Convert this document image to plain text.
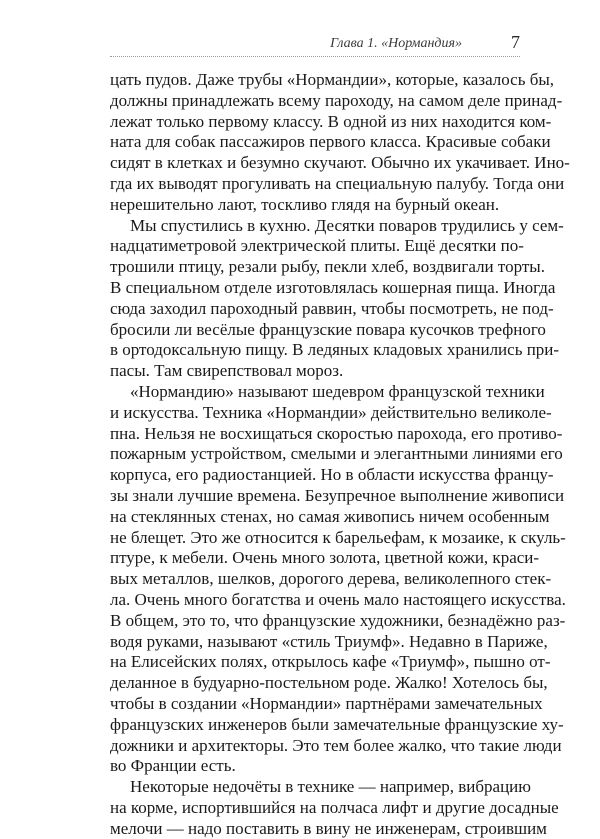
Глава 1. «Нормандия»	7
цать пудов. Даже трубы «Нормандии», которые, казалось бы,
должны принадлежать всему пароходу, на самом деле принад-
лежат только первому классу. В одной из них находится ком-
ната для собак пассажиров первого класса. Красивые собаки
сидят в клетках и безумно скучают. Обычно их укачивает. Ино-
гда их выводят прогуливать на специальную палубу. Тогда они
нерешительно лают, тоскливо глядя на бурный океан.
Мы спустились в кухню. Десятки поваров трудились у сем-
надцатиметровой электрической плиты. Ещё десятки по-
трошили птицу, резали рыбу, пекли хлеб, воздвигали торты.
В специальном отделе изготовлялась кошерная пища. Иногда
сюда заходил пароходный раввин, чтобы посмотреть, не под-
бросили ли весёлые французские повара кусочков трефного
в ортодоксальную пищу. В ледяных кладовых хранились при-
пасы. Там свирепствовал мороз.
«Нормандию» называют шедевром французской техники
и искусства. Техника «Нормандии» действительно великоле-
пна. Нельзя не восхищаться скоростью парохода, его противо-
пожарным устройством, смелыми и элегантными линиями его
корпуса, его радиостанцией. Но в области искусства францу-
зы знали лучшие времена. Безупречное выполнение живописи
на стеклянных стенах, но самая живопись ничем особенным
не блещет. Это же относится к барельефам, к мозаике, к скуль-
птуре, к мебели. Очень много золота, цветной кожи, краси-
вых металлов, шелков, дорогого дерева, великолепного стек-
ла. Очень много богатства и очень мало настоящего искусства.
В общем, это то, что французские художники, безнадёжно раз-
водя руками, называют «стиль Триумф». Недавно в Париже,
на Елисейских полях, открылось кафе «Триумф», пышно от-
деланное в будуарно-постельном роде. Жалко! Хотелось бы,
чтобы в создании «Нормандии» партнёрами замечательных
французских инженеров были замечательные французские ху-
дожники и архитекторы. Это тем более жалко, что такие люди
во Франции есть.
Некоторые недочёты в технике — например, вибрацию
на корме, испортившийся на полчаса лифт и другие досадные
мелочи — надо поставить в вину не инженерам, строившим
